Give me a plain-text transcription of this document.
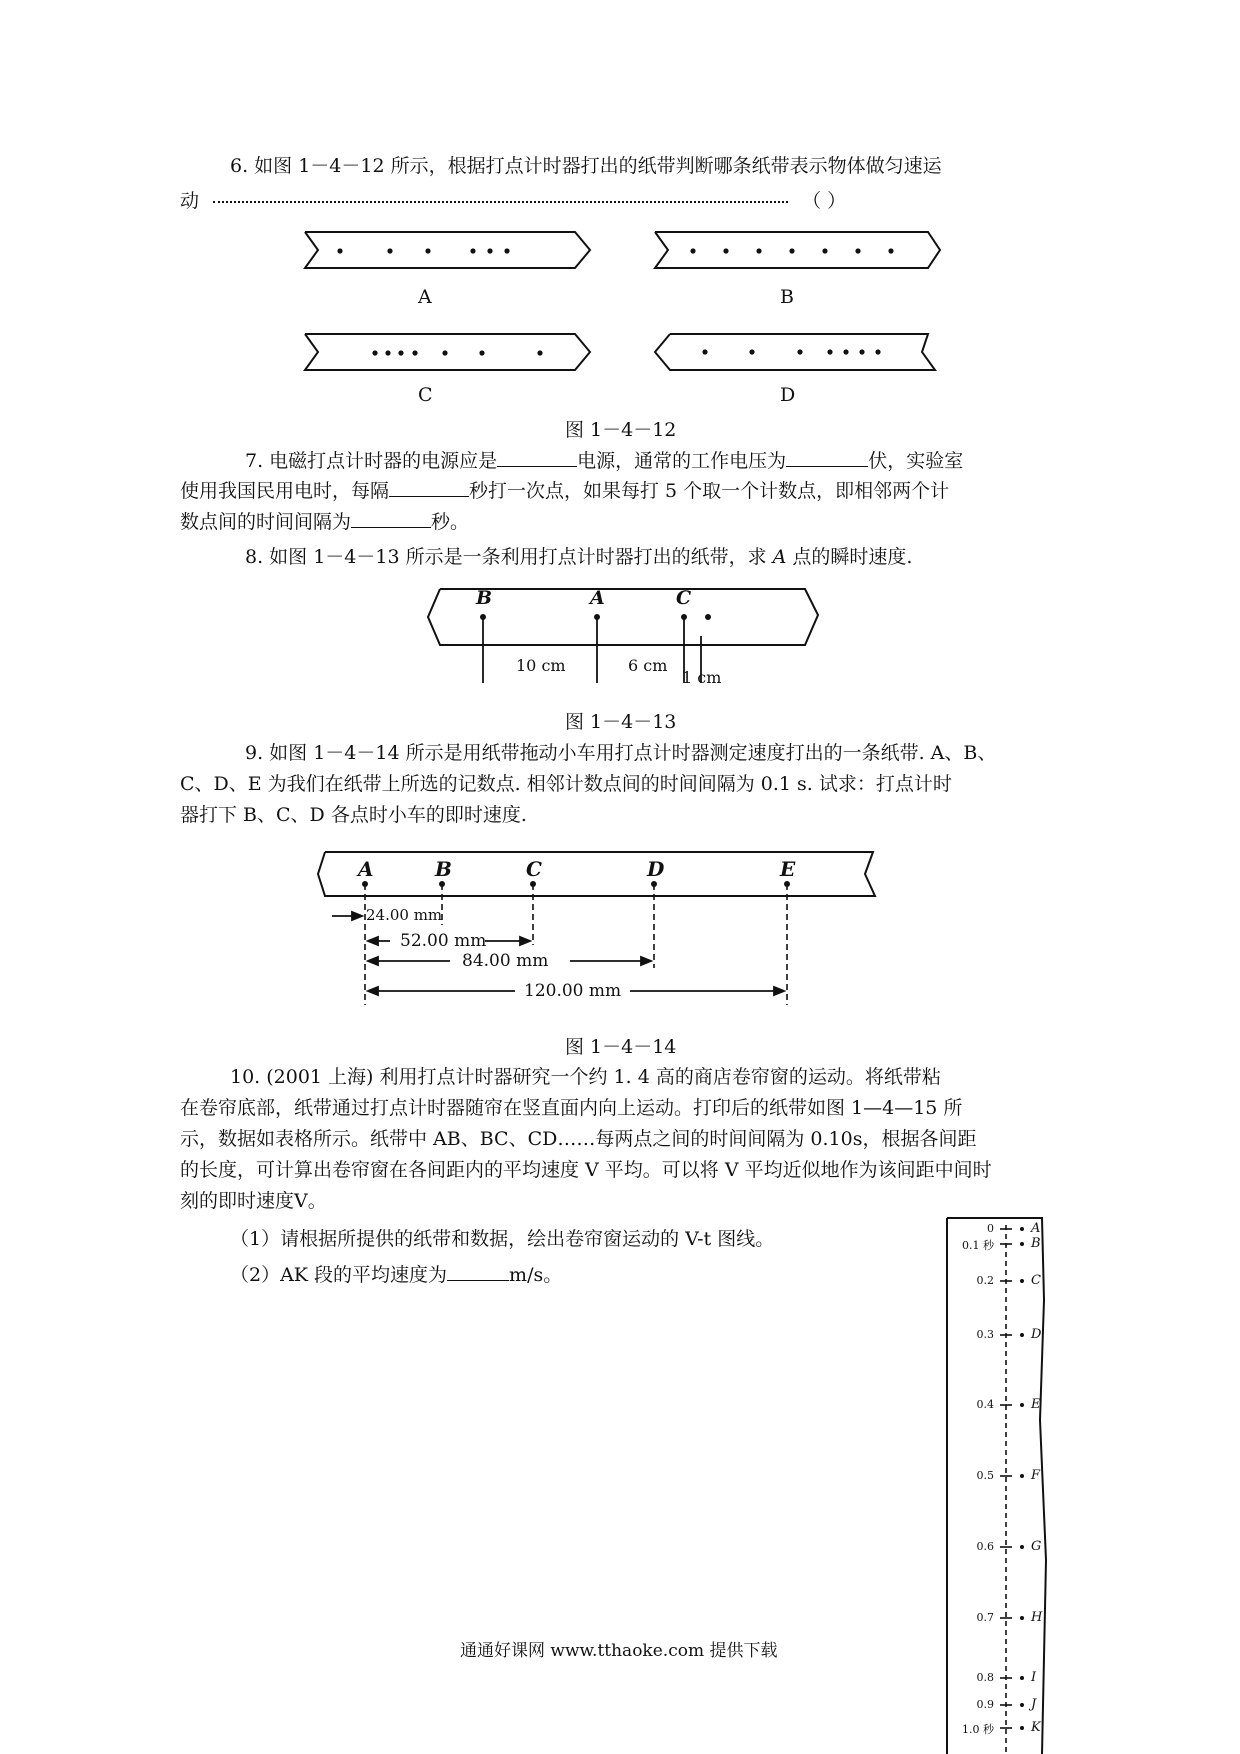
6. 如图 1－4－12 所示，根据打点计时器打出的纸带判断哪条纸带表示物体做匀速运
动	（ ）
A	B
C	D
图 1－4－12
7. 电磁打点计时器的电源应是	电源，通常的工作电压为	伏，实验室
使用我国民用电时，每隔	秒打一次点，如果每打 5 个取一个计数点，即相邻两个计
数点间的时间间隔为	秒。
8. 如图 1－4－13 所示是一条利用打点计时器打出的纸带，求 A 点的瞬时速度.
B	A	C
10 cm	6 cm
1 cm
图 1－4－13
9. 如图 1－4－14 所示是用纸带拖动小车用打点计时器测定速度打出的一条纸带. A、B、
C、D、E 为我们在纸带上所选的记数点. 相邻计数点间的时间间隔为 0.1 s. 试求：打点计时
器打下 B、C、D 各点时小车的即时速度.
A	B	C	D	E
24.00 mm
52.00 mm
84.00 mm
120.00 mm
图 1－4－14
10. (2001 上海) 利用打点计时器研究一个约 1. 4 高的商店卷帘窗的运动。将纸带粘
在卷帘底部，纸带通过打点计时器随帘在竖直面内向上运动。打印后的纸带如图 1—4—15 所
示，数据如表格所示。纸带中 AB、BC、CD……每两点之间的时间间隔为 0.10s，根据各间距
的长度，可计算出卷帘窗在各间距内的平均速度 V 平均。可以将 V 平均近似地作为该间距中间时
刻的即时速度V。
（1）请根据所提供的纸带和数据，绘出卷帘窗运动的 V-t 图线。
（2）AK 段的平均速度为	m/s。
0
0.1 秒
0.2
0.3
0.4
0.5
0.6
0.7
0.8
0.9
1.0 秒
A
B
C
D
E
F
G
H
I
J
K
通通好课网 www.tthaoke.com 提供下载
